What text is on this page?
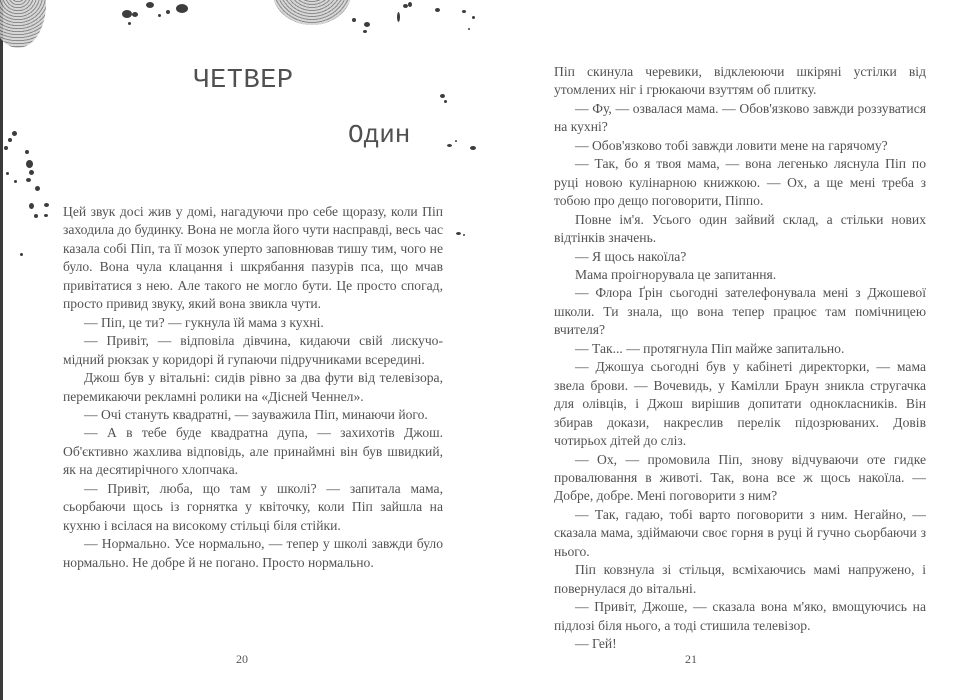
ЧЕТВЕР
Один

Цей звук досі жив у домі, нагадуючи про себе щоразу, коли Піп заходила до будинку. Вона не могла його чути насправді, весь час казала собі Піп, та її мозок уперто заповнював тишу тим, чого не було. Вона чула клацання і шкрябання пазурів пса, що мчав привітатися з нею. Але такого не могло бути. Це просто спогад, просто привид звуку, який вона звикла чути.

— Піп, це ти? — гукнула їй мама з кухні.

— Привіт, — відповіла дівчина, кидаючи свій лискучо-мідний рюкзак у коридорі й гупаючи підручниками всередині.

Джош був у вітальні: сидів рівно за два фути від телевізора, перемикаючи рекламні ролики на «Дісней Ченнел».

— Очі стануть квадратні, — зауважила Піп, минаючи його.

— А в тебе буде квадратна дупа, — захихотів Джош. Об'єктивно жахлива відповідь, але принаймні він був швидкий, як на десятирічного хлопчака.

— Привіт, люба, що там у школі? — запитала мама, сьорбаючи щось із горнятка у квіточку, коли Піп зайшла на кухню і всілася на високому стільці біля стійки.

— Нормально. Усе нормально, — тепер у школі завжди було нормально. Не добре й не погано. Просто нормально.

20

Піп скинула черевики, відклеюючи шкіряні устілки від утомлених ніг і грюкаючи взуттям об плитку.

— Фу, — озвалася мама. — Обов'язково завжди роззуватися на кухні?

— Обов'язково тобі завжди ловити мене на гарячому?

— Так, бо я твоя мама, — вона легенько ляснула Піп по руці новою кулінарною книжкою. — Ох, а ще мені треба з тобою про дещо поговорити, Піппо.

Повне ім'я. Усього один зайвий склад, а стільки нових відтінків значень.

— Я щось накоїла?

Мама проігнорувала це запитання.

— Флора Ґрін сьогодні зателефонувала мені з Джошевої школи. Ти знала, що вона тепер працює там помічницею вчителя?

— Так... — протягнула Піп майже запитально.

— Джошуа сьогодні був у кабінеті директорки, — мама звела брови. — Вочевидь, у Камілли Браун зникла стругачка для олівців, і Джош вирішив допитати однокласників. Він збирав докази, накреслив перелік підозрюваних. Довів чотирьох дітей до сліз.

— Ох, — промовила Піп, знову відчуваючи оте гидке провалювання в животі. Так, вона все ж щось накоїла. — Добре, добре. Мені поговорити з ним?

— Так, гадаю, тобі варто поговорити з ним. Негайно, — сказала мама, здіймаючи своє горня в руці й гучно сьорбаючи з нього.

Піп ковзнула зі стільця, всміхаючись мамі напружено, і повернулася до вітальні.

— Привіт, Джоше, — сказала вона м'яко, вмощуючись на підлозі біля нього, а тоді стишила телевізор.

— Гей!

21
